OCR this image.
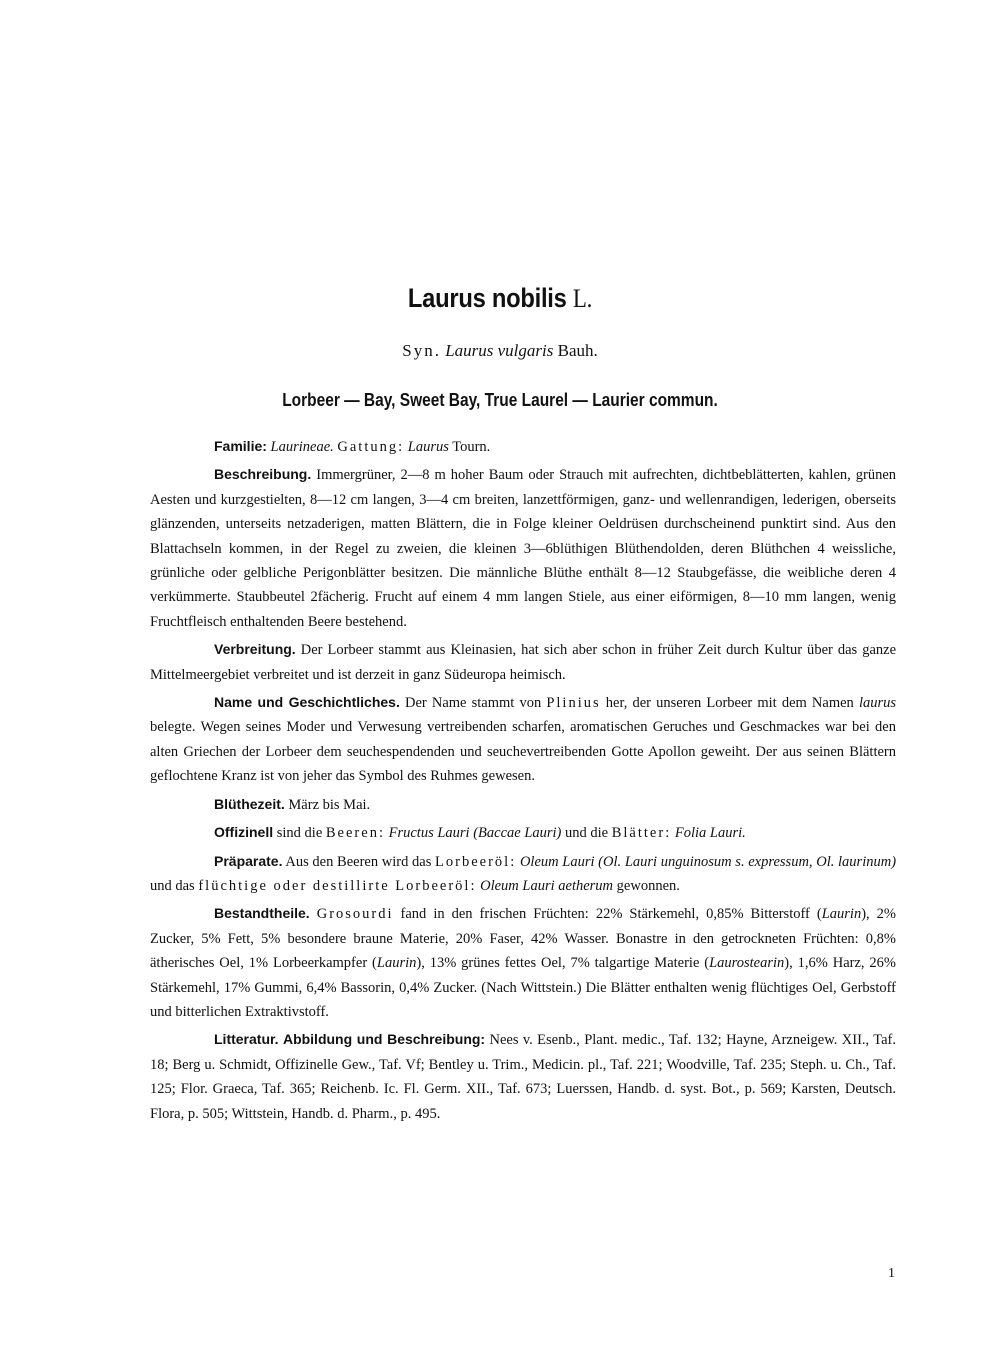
Laurus nobilis L.
Syn. Laurus vulgaris Bauh.
Lorbeer — Bay, Sweet Bay, True Laurel — Laurier commun.

Familie: Laurineae. Gattung: Laurus Tourn.

Beschreibung. Immergrüner, 2—8 m hoher Baum oder Strauch mit aufrechten, dichtbeblätterten, kahlen, grünen Aesten und kurzgestielten, 8—12 cm langen, 3—4 cm breiten, lanzettförmigen, ganz- und wellenrandigen, lederigen, oberseits glänzenden, unterseits netzaderigen, matten Blättern, die in Folge kleiner Oeldrüsen durchscheinend punktirt sind. Aus den Blattachseln kommen, in der Regel zu zweien, die kleinen 3—6blüthigen Blüthendolden, deren Blüthchen 4 weissliche, grünliche oder gelbliche Perigonblätter besitzen. Die männliche Blüthe enthält 8—12 Staubgefässe, die weibliche deren 4 verkümmerte. Staubbeutel 2fächerig. Frucht auf einem 4 mm langen Stiele, aus einer eiförmigen, 8—10 mm langen, wenig Fruchtfleisch enthaltenden Beere bestehend.

Verbreitung. Der Lorbeer stammt aus Kleinasien, hat sich aber schon in früher Zeit durch Kultur über das ganze Mittelmeergebiet verbreitet und ist derzeit in ganz Südeuropa heimisch.

Name und Geschichtliches. Der Name stammt von Plinius her, der unseren Lorbeer mit dem Namen laurus belegte. Wegen seines Moder und Verwesung vertreibenden scharfen, aromatischen Geruches und Geschmackes war bei den alten Griechen der Lorbeer dem seuchespendenden und seuchevertreibenden Gotte Apollon geweiht. Der aus seinen Blättern geflochtene Kranz ist von jeher das Symbol des Ruhmes gewesen.

Blüthezeit. März bis Mai.

Offizinell sind die Beeren: Fructus Lauri (Baccae Lauri) und die Blätter: Folia Lauri.

Präparate. Aus den Beeren wird das Lorbeeröl: Oleum Lauri (Ol. Lauri unguinosum s. expressum, Ol. laurinum) und das flüchtige oder destillirte Lorbeeröl: Oleum Lauri aetherum gewonnen.

Bestandtheile. Grosourdi fand in den frischen Früchten: 22% Stärkemehl, 0,85% Bitterstoff (Laurin), 2% Zucker, 5% Fett, 5% besondere braune Materie, 20% Faser, 42% Wasser. Bonastre in den getrockneten Früchten: 0,8% ätherisches Oel, 1% Lorbeerkampfer (Laurin), 13% grünes fettes Oel, 7% talgartige Materie (Laurostearin), 1,6% Harz, 26% Stärkemehl, 17% Gummi, 6,4% Bassorin, 0,4% Zucker. (Nach Wittstein.) Die Blätter enthalten wenig flüchtiges Oel, Gerbstoff und bitterlichen Extraktivstoff.

Litteratur. Abbildung und Beschreibung: Nees v. Esenb., Plant. medic., Taf. 132; Hayne, Arzneigew. XII., Taf. 18; Berg u. Schmidt, Offizinelle Gew., Taf. Vf; Bentley u. Trim., Medicin. pl., Taf. 221; Woodville, Taf. 235; Steph. u. Ch., Taf. 125; Flor. Graeca, Taf. 365; Reichenb. Ic. Fl. Germ. XII., Taf. 673; Luerssen, Handb. d. syst. Bot., p. 569; Karsten, Deutsch. Flora, p. 505; Wittstein, Handb. d. Pharm., p. 495.

1
